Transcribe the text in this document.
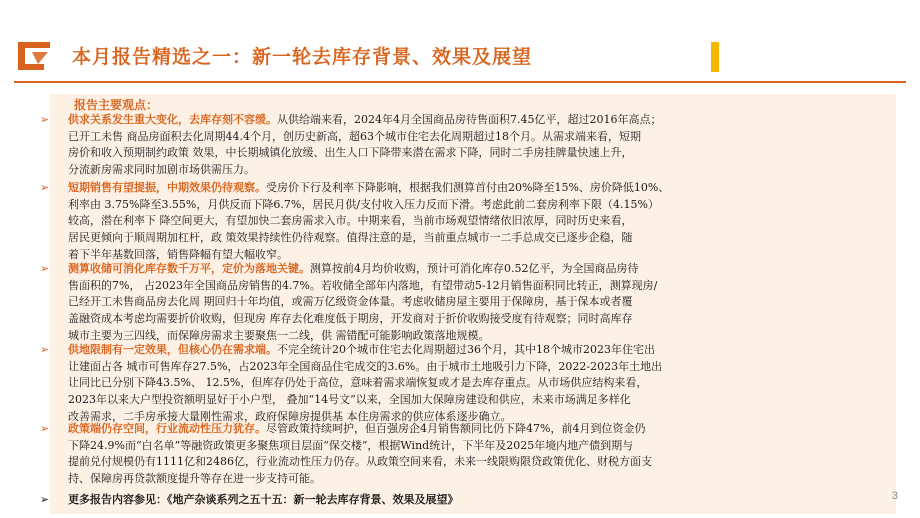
本月报告精选之一：新一轮去库存背景、效果及展望
报告主要观点：
➢ 供求关系发生重大变化，去库存刻不容缓。从供给端来看，2024年4月全国商品房待售面积7.45亿平，超过2016年高点；
已开工未售 商品房面积去化周期44.4个月，创历史新高，超63个城市住宅去化周期超过18个月。从需求端来看，短期
房价和收入预期制约政策 效果，中长期城镇化放缓、出生人口下降带来潜在需求下降，同时二手房挂牌量快速上升，
分流新房需求同时加剧市场供需压力。
➢ 短期销售有望提振，中期效果仍待观察。受房价下行及利率下降影响，根据我们测算首付由20%降至15%、房价降低10%、
利率由 3.75%降至3.55%，月供反而下降6.7%，居民月供/支付收入压力反而下滑。考虑此前二套房利率下限（4.15%）
较高，潜在利率下 降空间更大，有望加快二套房需求入市。中期来看，当前市场观望情绪依旧浓厚，同时历史来看，
居民更倾向于顺周期加杠杆，政 策效果持续性仍待观察。值得注意的是，当前重点城市一二手总成交已逐步企稳，随
着下半年基数回落，销售降幅有望大幅收窄。
➢ 测算收储可消化库存数千万平，定价为落地关键。测算按前4月均价收购，预计可消化库存0.52亿平，为全国商品房待
售面积的7%， 占2023年全国商品房销售的4.7%。若收储全部年内落地，有望带动5-12月销售面积同比转正，测算现房/
已经开工未售商品房去化周 期回归十年均值，或需万亿级资金体量。考虑收储房屋主要用于保障房，基于保本或者覆
盖融资成本考虑均需要折价收购，但现房 库存去化难度低于期房，开发商对于折价收购接受度有待观察；同时高库存
城市主要为三四线，而保障房需求主要聚焦一二线，供 需错配可能影响政策落地规模。
➢ 供地限制有一定效果，但核心仍在需求端。不完全统计20个城市住宅去化周期超过36个月，其中18个城市2023年住宅出
让建面占各 城市可售库存27.5%，占2023年全国商品住宅成交的3.6%。由于城市土地吸引力下降，2022-2023年土地出
让同比已分别下降43.5%、 12.5%，但库存仍处于高位，意味着需求端恢复或才是去库存重点。从市场供应结构来看，
2023年以来大户型投资额明显好于小户型， 叠加“14号文”以来，全国加大保障房建设和供应，未来市场满足多样化
改善需求，二手房承接大量刚性需求，政府保障房提供基 本住房需求的供应体系逐步确立。
➢ 政策端仍存空间，行业流动性压力犹存。尽管政策持续呵护，但百强房企4月销售额同比仍下降47%，前4月到位资金仍
下降24.9%而“白名单”等融资政策更多聚焦项目层面“保交楼”，根据Wind统计，下半年及2025年境内地产债到期与
提前兑付规模仍有1111亿和2486亿，行业流动性压力仍存。从政策空间来看，未来一线限购限贷政策优化、财税方面支
持、保障房再贷款额度提升等存在进一步支持可能。
➢ 更多报告内容参见：《地产杂谈系列之五十五：新一轮去库存背景、效果及展望》	3
